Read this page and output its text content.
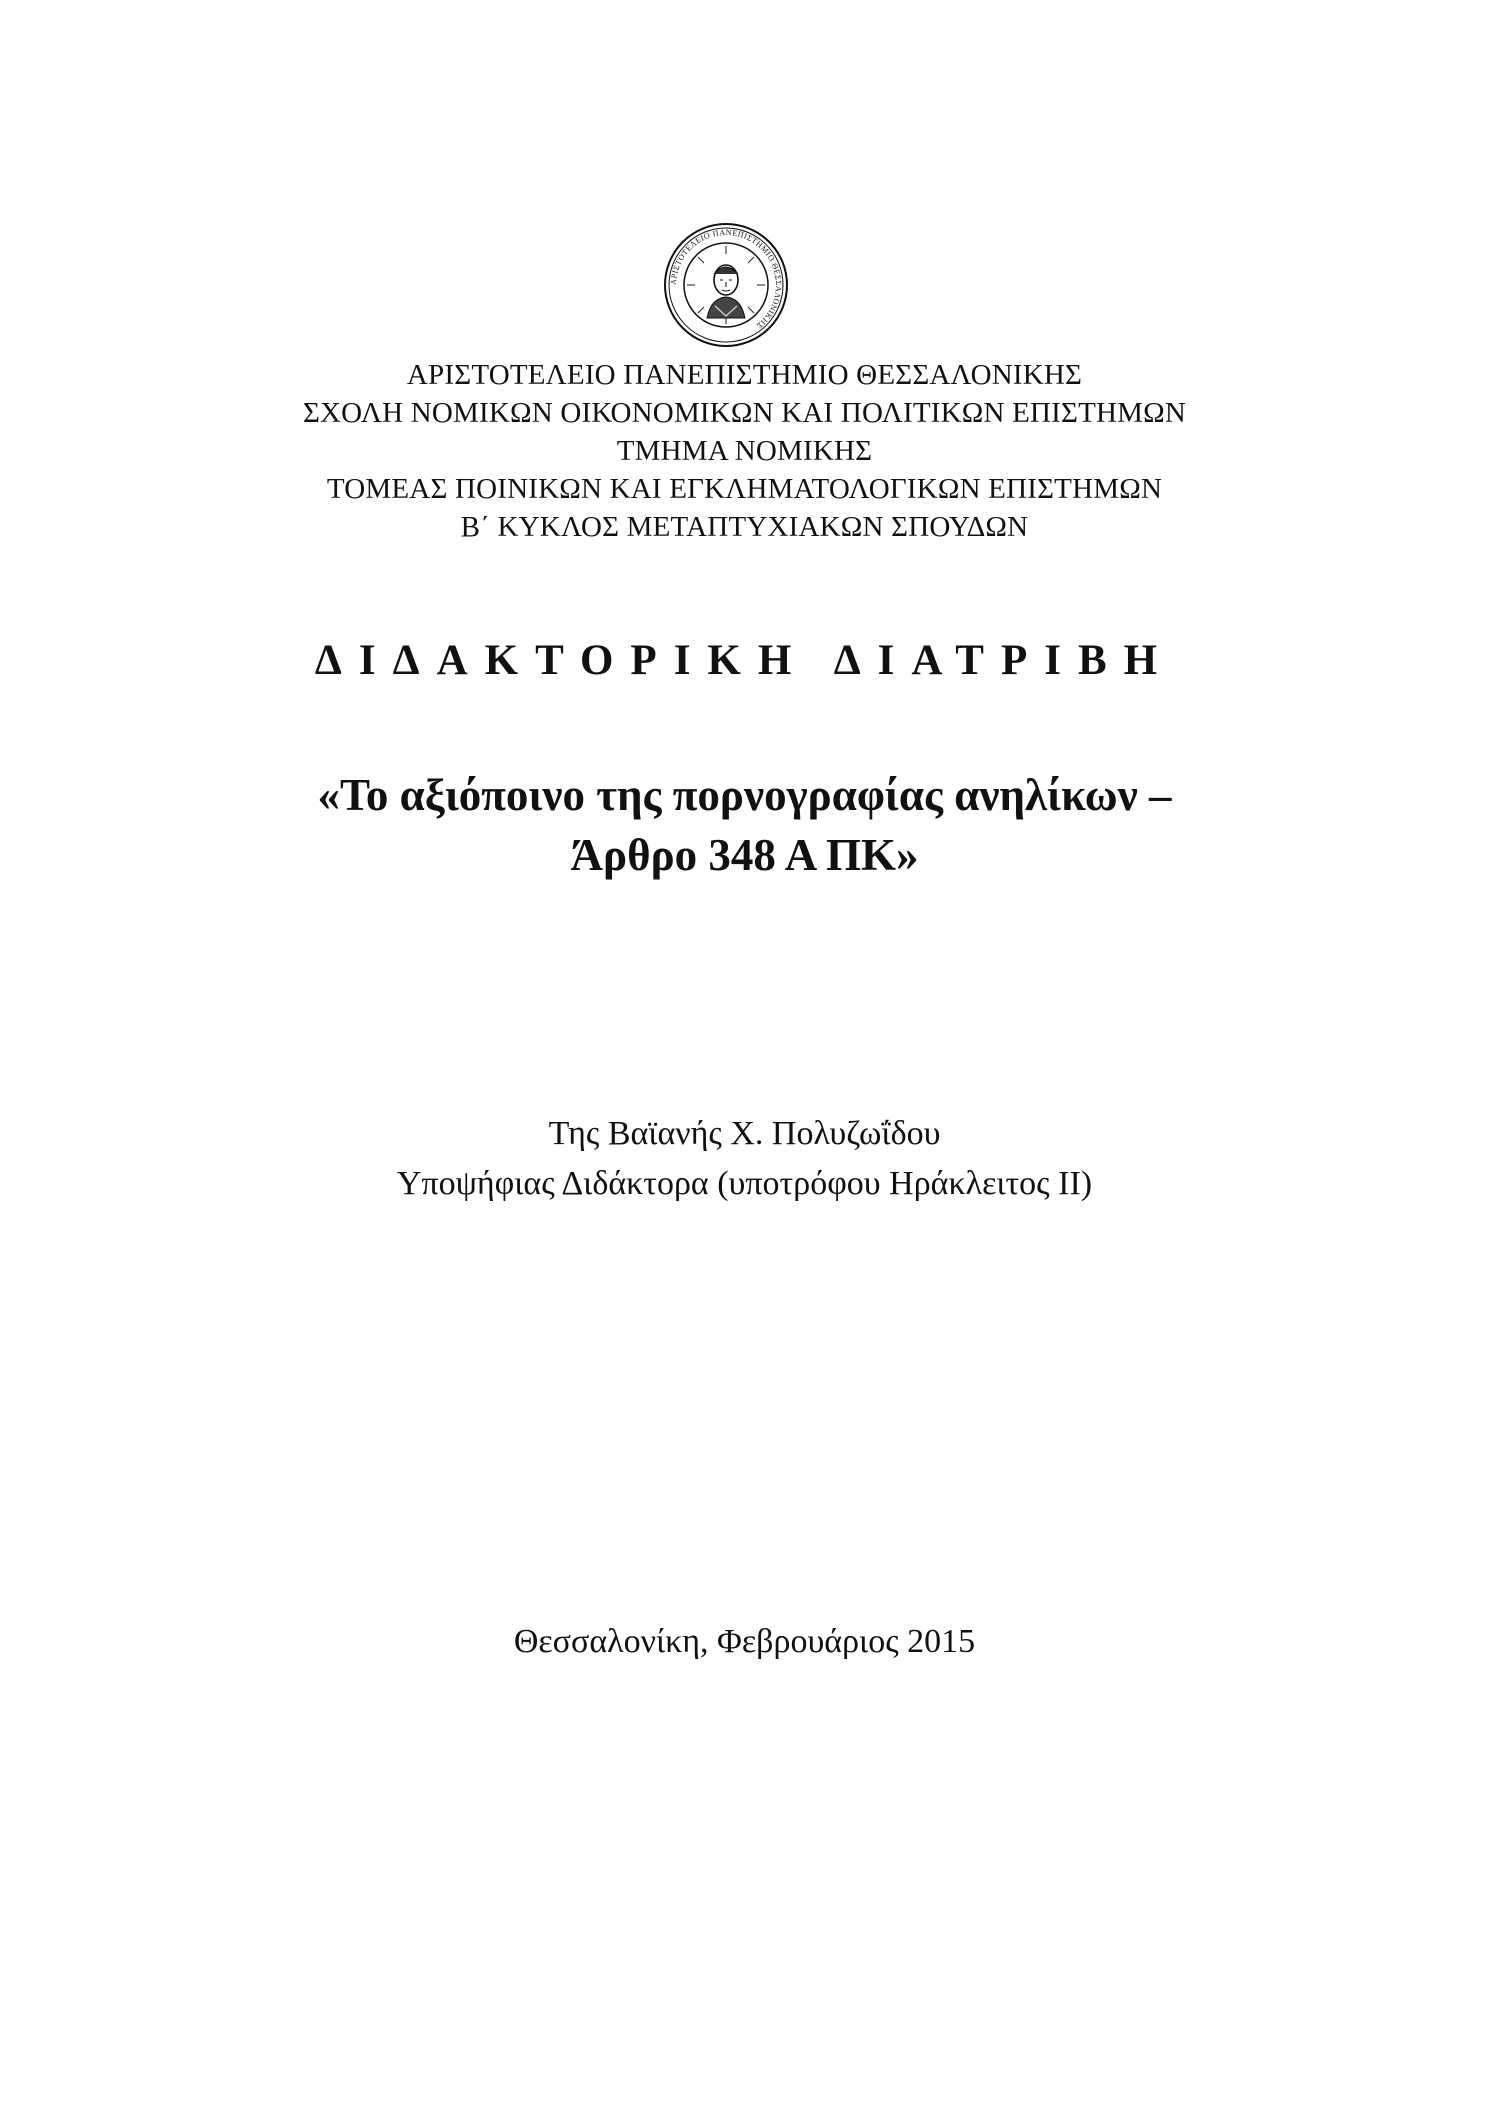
ΑΡΙΣΤΟΤΕΛΕΙΟ ΠΑΝΕΠΙΣΤΗΜΙΟ ΘΕΣΣΑΛΟΝΙΚΗΣ
ΑΡΙΣΤΟΤΕΛΕΙΟ ΠΑΝΕΠΙΣΤΗΜΙΟ ΘΕΣΣΑΛΟΝΙΚΗΣ
ΣΧΟΛΗ ΝΟΜΙΚΩΝ ΟΙΚΟΝΟΜΙΚΩΝ ΚΑΙ ΠΟΛΙΤΙΚΩΝ ΕΠΙΣΤΗΜΩΝ
ΤΜΗΜΑ ΝΟΜΙΚΗΣ
ΤΟΜΕΑΣ ΠΟΙΝΙΚΩΝ ΚΑΙ ΕΓΚΛΗΜΑΤΟΛΟΓΙΚΩΝ ΕΠΙΣΤΗΜΩΝ
Β΄ ΚΥΚΛΟΣ ΜΕΤΑΠΤΥΧΙΑΚΩΝ ΣΠΟΥΔΩΝ
ΔΙΔΑΚΤΟΡΙΚΗ ΔΙΑΤΡΙΒΗ
«Το αξιόποινο της πορνογραφίας ανηλίκων –
Άρθρο 348 Α ΠΚ»
Της Βαϊανής Χ. Πολυζωΐδου
Υποψήφιας Διδάκτορα (υποτρόφου Ηράκλειτος ΙΙ)
Θεσσαλονίκη, Φεβρουάριος 2015
